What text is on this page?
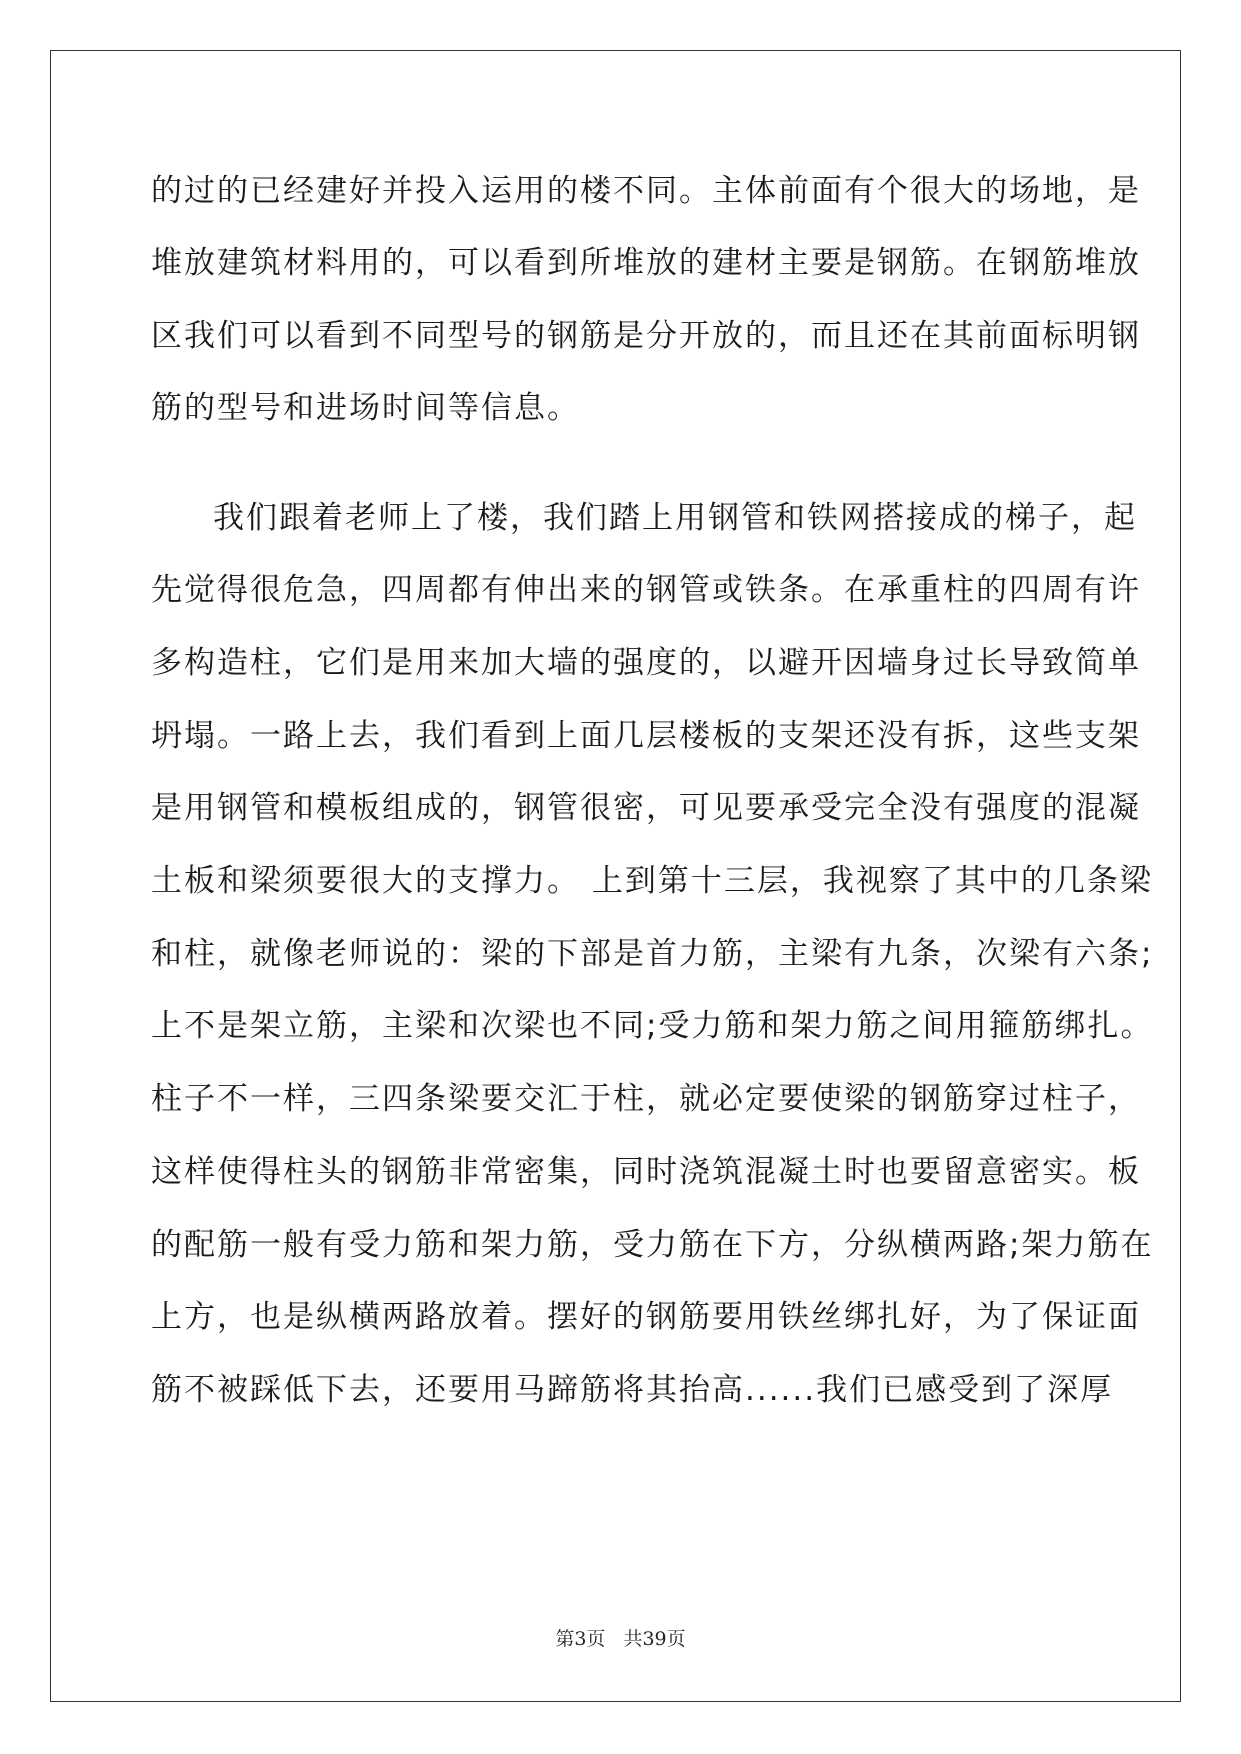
的过的已经建好并投入运用的楼不同。主体前面有个很大的场地，是
堆放建筑材料用的，可以看到所堆放的建材主要是钢筋。在钢筋堆放
区我们可以看到不同型号的钢筋是分开放的，而且还在其前面标明钢
筋的型号和进场时间等信息。
我们跟着老师上了楼，我们踏上用钢管和铁网搭接成的梯子，起
先觉得很危急，四周都有伸出来的钢管或铁条。在承重柱的四周有许
多构造柱，它们是用来加大墙的强度的，以避开因墙身过长导致简单
坍塌。一路上去，我们看到上面几层楼板的支架还没有拆，这些支架
是用钢管和模板组成的，钢管很密，可见要承受完全没有强度的混凝
土板和梁须要很大的支撑力。 上到第十三层，我视察了其中的几条梁
和柱，就像老师说的：梁的下部是首力筋，主梁有九条，次梁有六条;
上不是架立筋，主梁和次梁也不同;受力筋和架力筋之间用箍筋绑扎。
柱子不一样，三四条梁要交汇于柱，就必定要使梁的钢筋穿过柱子，
这样使得柱头的钢筋非常密集，同时浇筑混凝土时也要留意密实。板
的配筋一般有受力筋和架力筋，受力筋在下方，分纵横两路;架力筋在
上方，也是纵横两路放着。摆好的钢筋要用铁丝绑扎好，为了保证面
筋不被踩低下去，还要用马蹄筋将其抬高......我们已感受到了深厚
第3页 共39页
